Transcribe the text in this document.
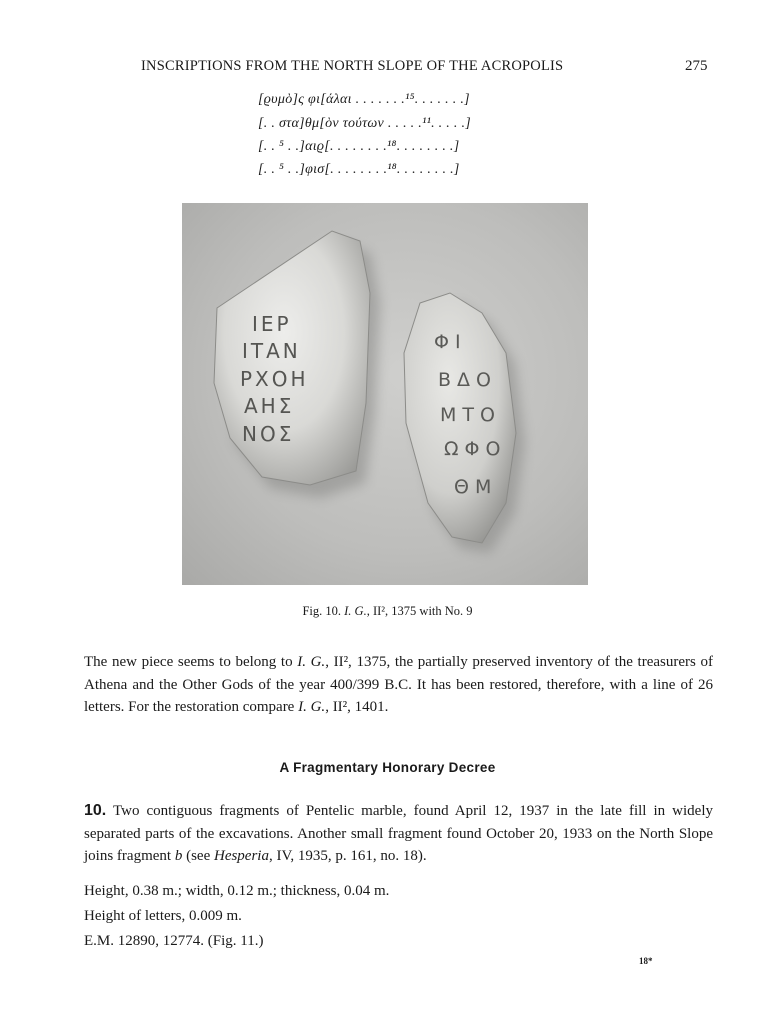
INSCRIPTIONS FROM THE NORTH SLOPE OF THE ACROPOLIS	275
[ϱυμὸ]ς φι[άλαι . . . . . . .¹⁵. . . . . . .]
[. . στα]θμ[ὸν τούτων . . . . .¹¹. . . . .]
[. . ⁵ . .]αιϱ[. . . . . . . .¹⁸. . . . . . . .]
[. . ⁵ . .]φισ[. . . . . . . .¹⁸. . . . . . . .]
ΙΕΡ
ΙΤΑΝ
ΡΧΟΗ
ΑΗΣ
ΝΟΣ
ΦΙ
ΒΔΟ
ΜΤΟ
ΩΦΟ
ΘΜ
Fig. 10. I. G., II², 1375 with No. 9
The new piece seems to belong to I. G., II², 1375, the partially preserved inventory of the treasurers of Athena and the Other Gods of the year 400/399 B.C. It has been restored, therefore, with a line of 26 letters. For the restoration compare I. G., II², 1401.
A Fragmentary Honorary Decree
10. Two contiguous fragments of Pentelic marble, found April 12, 1937 in the late fill in widely separated parts of the excavations. Another small fragment found October 20, 1933 on the North Slope joins fragment b (see Hesperia, IV, 1935, p. 161, no. 18).
Height, 0.38 m.; width, 0.12 m.; thickness, 0.04 m.
Height of letters, 0.009 m.
E.M. 12890, 12774. (Fig. 11.)
18*
